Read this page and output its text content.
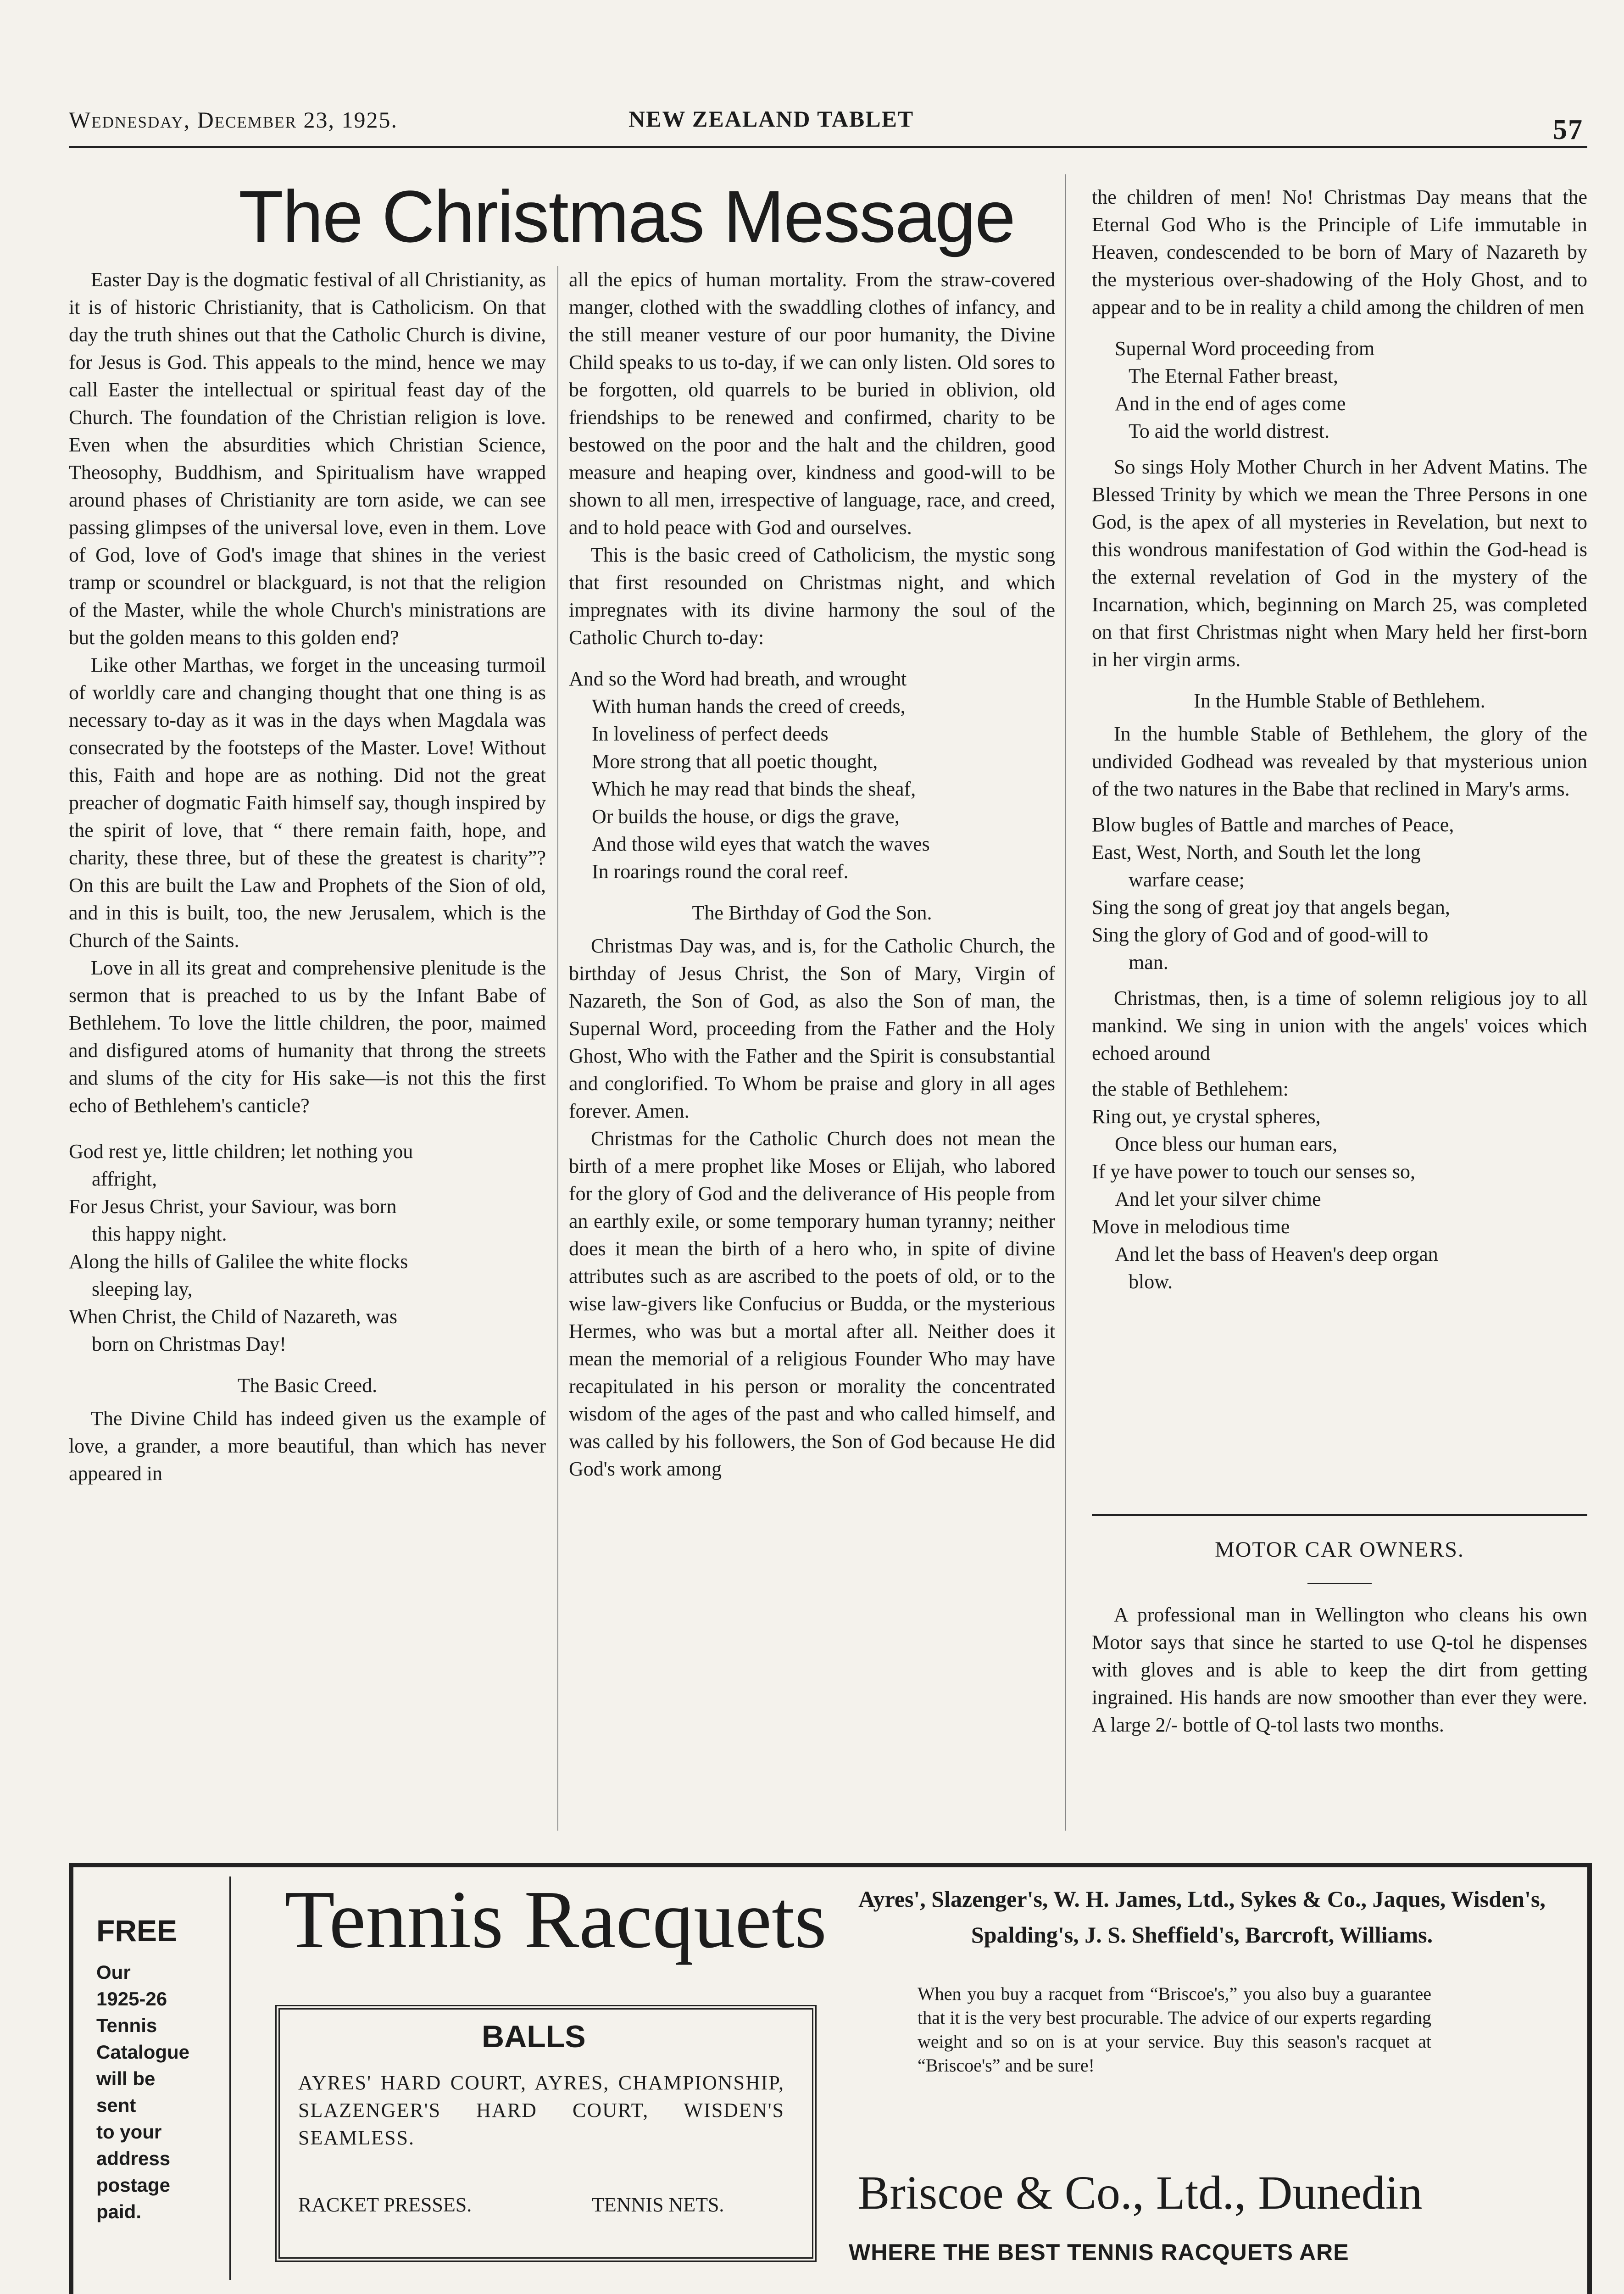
Wednesday, December 23, 1925.	NEW ZEALAND TABLET	57
The Christmas Message

Easter Day is the dogmatic festival of all Christianity, as it is of historic Christianity, that is Catholicism. On that day the truth shines out that the Catholic Church is divine, for Jesus is God. This appeals to the mind, hence we may call Easter the intellectual or spiritual feast day of the Church. The foundation of the Christian religion is love. Even when the absurdities which Christian Science, Theosophy, Buddhism, and Spiritualism have wrapped around phases of Christianity are torn aside, we can see passing glimpses of the universal love, even in them. Love of God, love of God's image that shines in the veriest tramp or scoundrel or blackguard, is not that the religion of the Master, while the whole Church's ministrations are but the golden means to this golden end?

Like other Marthas, we forget in the unceasing turmoil of worldly care and changing thought that one thing is as necessary to-day as it was in the days when Magdala was consecrated by the footsteps of the Master. Love! Without this, Faith and hope are as nothing. Did not the great preacher of dogmatic Faith himself say, though inspired by the spirit of love, that “ there remain faith, hope, and charity, these three, but of these the greatest is charity”? On this are built the Law and Prophets of the Sion of old, and in this is built, too, the new Jerusalem, which is the Church of the Saints.

Love in all its great and comprehensive plenitude is the sermon that is preached to us by the Infant Babe of Bethlehem. To love the little children, the poor, maimed and disfigured atoms of humanity that throng the streets and slums of the city for His sake—is not this the first echo of Bethlehem's canticle?

God rest ye, little children; let nothing you
affright,
For Jesus Christ, your Saviour, was born
this happy night.
Along the hills of Galilee the white flocks
sleeping lay,
When Christ, the Child of Nazareth, was
born on Christmas Day!

The Basic Creed.

The Divine Child has indeed given us the example of love, a grander, a more beautiful, than which has never appeared in

all the epics of human mortality. From the straw-covered manger, clothed with the swaddling clothes of infancy, and the still meaner vesture of our poor humanity, the Divine Child speaks to us to-day, if we can only listen. Old sores to be forgotten, old quarrels to be buried in oblivion, old friendships to be renewed and confirmed, charity to be bestowed on the poor and the halt and the children, good measure and heaping over, kindness and good-will to be shown to all men, irrespective of language, race, and creed, and to hold peace with God and ourselves.

This is the basic creed of Catholicism, the mystic song that first resounded on Christmas night, and which impregnates with its divine harmony the soul of the Catholic Church to-day:

And so the Word had breath, and wrought
With human hands the creed of creeds,
In loveliness of perfect deeds
More strong that all poetic thought,
Which he may read that binds the sheaf,
Or builds the house, or digs the grave,
And those wild eyes that watch the waves
In roarings round the coral reef.

The Birthday of God the Son.

Christmas Day was, and is, for the Catholic Church, the birthday of Jesus Christ, the Son of Mary, Virgin of Nazareth, the Son of God, as also the Son of man, the Supernal Word, proceeding from the Father and the Holy Ghost, Who with the Father and the Spirit is consubstantial and conglorified. To Whom be praise and glory in all ages forever. Amen.

Christmas for the Catholic Church does not mean the birth of a mere prophet like Moses or Elijah, who labored for the glory of God and the deliverance of His people from an earthly exile, or some temporary human tyranny; neither does it mean the birth of a hero who, in spite of divine attributes such as are ascribed to the poets of old, or to the wise law-givers like Confucius or Budda, or the mysterious Hermes, who was but a mortal after all. Neither does it mean the memorial of a religious Founder Who may have recapitulated in his person or morality the concentrated wisdom of the ages of the past and who called himself, and was called by his followers, the Son of God because He did God's work among

the children of men! No! Christmas Day means that the Eternal God Who is the Principle of Life immutable in Heaven, condescended to be born of Mary of Nazareth by the mysterious over-shadowing of the Holy Ghost, and to appear and to be in reality a child among the children of men

Supernal Word proceeding from
The Eternal Father breast,
And in the end of ages come
To aid the world distrest.

So sings Holy Mother Church in her Advent Matins. The Blessed Trinity by which we mean the Three Persons in one God, is the apex of all mysteries in Revelation, but next to this wondrous manifestation of God within the God-head is the external revelation of God in the mystery of the Incarnation, which, beginning on March 25, was completed on that first Christmas night when Mary held her first-born in her virgin arms.

In the Humble Stable of Bethlehem.

In the humble Stable of Bethlehem, the glory of the undivided Godhead was revealed by that mysterious union of the two natures in the Babe that reclined in Mary's arms.

Blow bugles of Battle and marches of Peace,
East, West, North, and South let the long
warfare cease;
Sing the song of great joy that angels began,
Sing the glory of God and of good-will to
man.

Christmas, then, is a time of solemn religious joy to all mankind. We sing in union with the angels' voices which echoed around

the stable of Bethlehem:
Ring out, ye crystal spheres,
Once bless our human ears,
If ye have power to touch our senses so,
And let your silver chime
Move in melodious time
And let the bass of Heaven's deep organ
blow.
MOTOR CAR OWNERS.
A professional man in Wellington who cleans his own Motor says that since he started to use Q-tol he dispenses with gloves and is able to keep the dirt from getting ingrained. His hands are now smoother than ever they were. A large 2/- bottle of Q-tol lasts two months.
FREE
Our
1925-26
Tennis
Catalogue
will be
sent
to your
address
postage
paid.
Tennis Racquets
BALLS
AYRES' HARD COURT, AYRES, CHAMPIONSHIP, SLAZENGER'S HARD COURT, WISDEN'S SEAMLESS.
RACKET PRESSES.	TENNIS NETS.
Ayres', Slazenger's, W. H. James, Ltd., Sykes & Co., Jaques, Wisden's, Spalding's, J. S. Sheffield's, Barcroft, Williams.
When you buy a racquet from “Briscoe's,” you also buy a guarantee that it is the very best procurable. The advice of our experts regarding weight and so on is at your service. Buy this season's racquet at “Briscoe's” and be sure!
Briscoe & Co., Ltd., Dunedin
WHERE THE BEST TENNIS RACQUETS ARE
